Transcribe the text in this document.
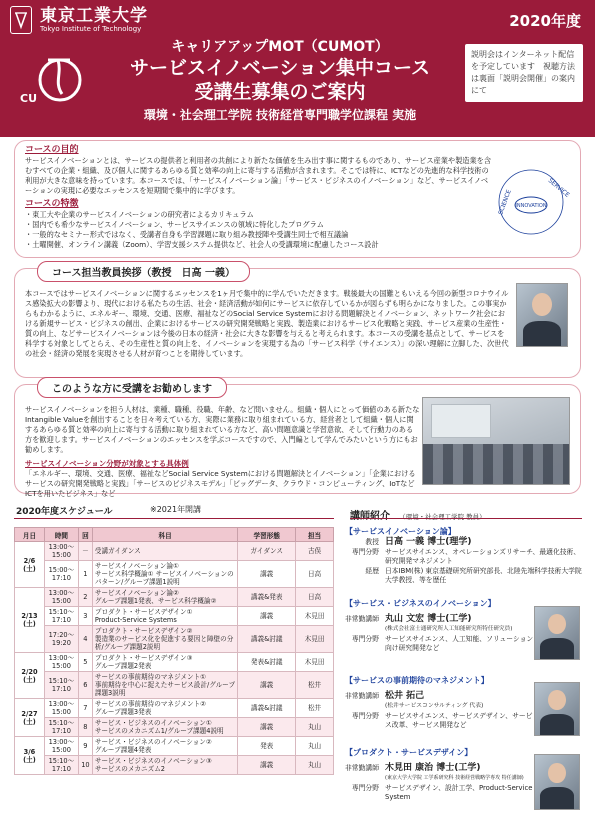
東京工業大学
Tokyo Institute of Technology	2020年度
CU
キャリアアップMOT（CUMOT）
サービスイノベーション集中コース
受講生募集のご案内
環境・社会理工学院 技術経営専門職学位課程 実施
説明会はインターネット配信を予定しています　視聴方法は裏面「説明会開催」の案内にて
コースの目的
サービスイノベーションとは、サービスの提供者と利用者の共創により新たな価値を生み出す事に関するものであり、サービス産業や製造業を含むすべての企業・組織、及び個人に関するあらゆる質と効率の向上に寄与する活動が含まれます。そこでは特に、ICTなどの先進的な科学技術の利用が大きな意味を持っています。本コースでは、「サービスイノベーション論」「サービス・ビジネスのイノベーション」など、サービスイノベーションの実現に必要なエッセンスを短期間で集中的に学びます。
コースの特徴
・東工大や企業のサービスイノベーションの研究者によるカリキュラム
・国内でも希少なサービスイノベーション、サービスサイエンスの領域に特化したプログラム
・一般的なセミナー形式ではなく、受講者自身も学習課題に取り組み教授陣や受講生同士で相互議論
・土曜開催、オンライン講義（Zoom）、学習支援システム提供など、社会人の受講環境に配慮したコース設計
INNOVATION
SERVICE
SCIENCE
コース担当教員挨拶（教授　日高 一義）
本コースではサービスイノベーションに関するエッセンスを1ヶ月で集中的に学んでいただきます。戦後最大の国難ともいえる今回の新型コロナウイルス感染拡大の影響より、現代における私たちの生活、社会・経済活動が如何にサービスに依存しているかが図らずも明らかになりました。この事実からもわかるように、エネルギー、環境、交通、医療、福祉などのSocial Service Systemにおける問題解決とイノベーション、ネットワーク社会における新規サービス・ビジネスの創出、企業におけるサービスの研究開発戦略と実践、製造業におけるサービス化戦略と実践、サービス産業の生産性・質の向上、などサービスイノベーションは今後の日本の経済・社会に大きな影響を与えると考えられます。本コースの受講を基点として、サービスを科学する対象としてとらえ、その生産性と質の向上を、イノベーションを実現する為の「サービス科学（サイエンス）」の深い理解に立脚した、次世代の社会・経済の発展を実現させる人材が育つことを期待しています。
このような方に受講をお勧めします
サービスイノベーションを担う人材は、業種、職種、役職、年齢、など問いません。組織・個人にとって価値のある新たなIntangible Valueを創出することを日々考えている方、実際に業務に取り組まれている方、経営者として組織・個人に関するあらゆる質と効率の向上に寄与する活動に取り組まれている方など、高い問題意識と学習意欲、そして行動力のある方を歓迎します。サービスイノベーションのエッセンスを学ぶコースですので、入門編として学んでみたいという方にもお勧めします。
サービスイノベーション分野が対象とする具体例
「エネルギー、環境、交通、医療、福祉などSocial Service Systemにおける問題解決とイノベーション」「企業におけるサービスの研究開発戦略と実践」「サービスのビジネスモデル」「ビッグデータ、クラウド・コンピューティング、IoTなどICTを用いたビジネス」など
2020年度スケジュール	※2021年開講
月日	時間	回	科目	学習形態	担当
2/6
(土)	13:00～
15:00	－	受講ガイダンス	ガイダンス	古俣
	15:00～
17:10	1	サービスイノベーション論①
サービス科学概論① サービスイノベーションのパターン/グループ課題1説明	講義	日高
2/13
(土)	13:00～
15:00	2	サービスイノベーション論②
グループ課題1発表、サービス科学概論②	講義&発表	日高
	15:10～
17:10	3	プロダクト・サービスデザイン①
Product-Service Systems	講義	木見田
	17:20～
19:20	4	プロダクト・サービスデザイン②
製造業のサービス化を促進する要因と障壁の分析/グループ課題2説明	講義&討議	木見田
2/20
(土)	13:00～
15:00	5	プロダクト・サービスデザイン③
グループ課題2発表	発表&討議	木見田
	15:10～
17:10	6	サービスの事前期待のマネジメント①
事前期待を中心に捉えたサービス設計/グループ課題3説明	講義	松井
2/27
(土)	13:00～
15:00	7	サービスの事前期待のマネジメント②
グループ課題3発表	講義&討議	松井
	15:10～
17:10	8	サービス・ビジネスのイノベーション①
サービスのメカニズム1/グループ課題4説明	講義	丸山
3/6
(土)	13:00～
15:00	9	サービス・ビジネスのイノベーション②
グループ課題4発表	発表	丸山
	15:10～
17:10	10	サービス・ビジネスのイノベーション③
サービスのメカニズム2	講義	丸山
講師紹介 （環境・社会理工学院 教員）
【サービスイノベーション論】
教授 日高 一義 博士(理学)
専門分野 サービスサイエンス、オペレーションズリサーチ、最適化技術、研究開発マネジメント
経歴 日本IBM(株) 東京基礎研究所研究部長、北陸先端科学技術大学院大学教授、等を歴任
【サービス・ビジネスのイノベーション】
非常勤講師 丸山 文宏 博士(工学)
(株式会社富士通研究所人工知能研究所特任研究員)
専門分野 サービスサイエンス、人工知能、ソリューション向け研究開発など
【サービスの事前期待のマネジメント】
非常勤講師 松井 拓己
(松井サービスコンサルティング 代表)
専門分野 サービスサイエンス、サービスデザイン、サービス改革、サービス開発など
【プロダクト・サービスデザイン】
非常勤講師 木見田 康治 博士(工学)
(東京大学大学院 工学系研究科 技術経営戦略学専攻 特任講師)
専門分野 サービスデザイン、設計工学、Product-Service System
